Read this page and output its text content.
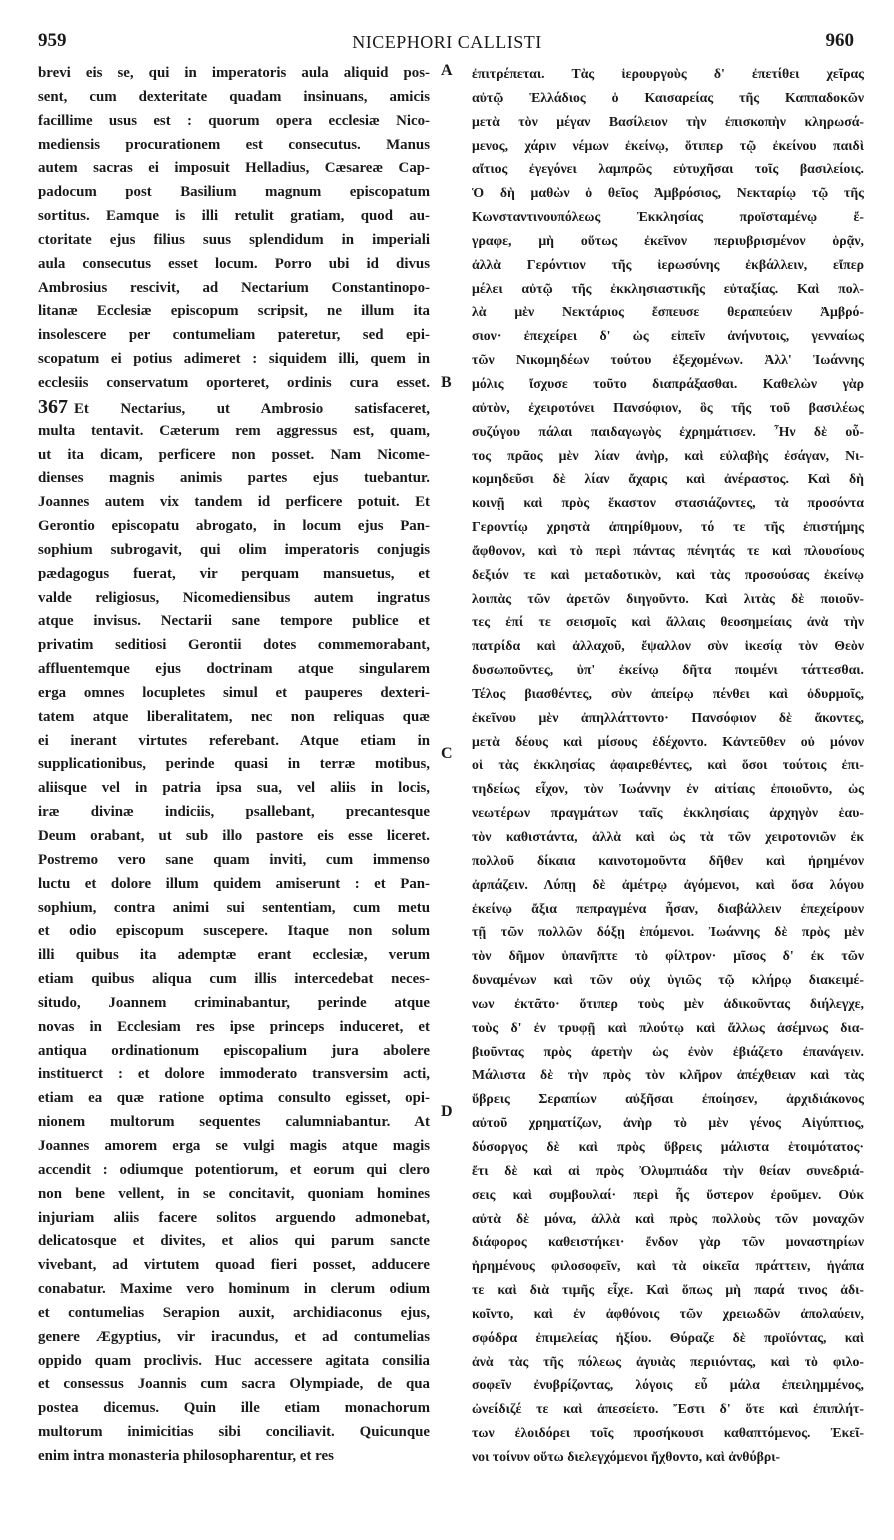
959	NICEPHORI CALLISTI	960
brevi eis se, qui in imperatoris aula aliquid pos-
sent, cum dexteritate quadam insinuans, amicis
facillime usus est : quorum opera ecclesiæ Nico-
mediensis procurationem est consecutus. Manus
autem sacras ei imposuit Helladius, Cæsareæ Cap-
padocum post Basilium magnum episcopatum
sortitus. Eamque is illi retulit gratiam, quod au-
ctoritate ejus filius suus splendidum in imperiali
aula consecutus esset locum. Porro ubi id divus
Ambrosius rescivit, ad Nectarium Constantinopo-
litanæ Ecclesiæ episcopum scripsit, ne illum ita
insolescere per contumeliam pateretur, sed epi-
scopatum ei potius adimeret : siquidem illi, quem in
ecclesiis conservatum oporteret, ordinis cura esset.
367 Et Nectarius, ut Ambrosio satisfaceret,
multa tentavit. Cæterum rem aggressus est, quam,
ut ita dicam, perficere non posset. Nam Nicome-
dienses magnis animis partes ejus tuebantur.
Joannes autem vix tandem id perficere potuit. Et
Gerontio episcopatu abrogato, in locum ejus Pan-
sophium subrogavit, qui olim imperatoris conjugis
pædagogus fuerat, vir perquam mansuetus, et
valde religiosus, Nicomediensibus autem ingratus
atque invisus. Nectarii sane tempore publice et
privatim seditiosi Gerontii dotes commemorabant,
affluentemque ejus doctrinam atque singularem
erga omnes locupletes simul et pauperes dexteri-
tatem atque liberalitatem, nec non reliquas quæ
ei inerant virtutes referebant. Atque etiam in
supplicationibus, perinde quasi in terræ motibus,
aliisque vel in patria ipsa sua, vel aliis in locis,
iræ divinæ indiciis, psallebant, precantesque
Deum orabant, ut sub illo pastore eis esse liceret.
Postremo vero sane quam inviti, cum immenso
luctu et dolore illum quidem amiserunt : et Pan-
sophium, contra animi sui sententiam, cum metu
et odio episcopum suscepere. Itaque non solum
illi quibus ita ademptæ erant ecclesiæ, verum
etiam quibus aliqua cum illis intercedebat neces-
situdo, Joannem criminabantur, perinde atque
novas in Ecclesiam res ipse princeps induceret, et
antiqua ordinationum episcopalium jura abolere
instituerct : et dolore immoderato transversim acti,
etiam ea quæ ratione optima consulto egisset, opi-
nionem multorum sequentes calumniabantur. At
Joannes amorem erga se vulgi magis atque magis
accendit : odiumque potentiorum, et eorum qui clero
non bene vellent, in se concitavit, quoniam homines
injuriam aliis facere solitos arguendo admonebat,
delicatosque et divites, et alios qui parum sancte
vivebant, ad virtutem quoad fieri posset, adducere
conabatur. Maxime vero hominum in clerum odium
et contumelias Serapion auxit, archidiaconus ejus,
genere Ægyptius, vir iracundus, et ad contumelias
oppido quam proclivis. Huc accessere agitata consilia
et consessus Joannis cum sacra Olympiade, de qua
postea dicemus. Quin ille etiam monachorum
multorum inimicitias sibi conciliavit. Quicunque
enim intra monasteria philosopharentur, et res
A
B
C
D
ἐπιτρέπεται. Τὰς ἱερουργοὺς δ' ἐπετίθει χεῖρας
αὐτῷ Ἑλλάδιος ὁ Καισαρείας τῆς Καππαδοκῶν
μετὰ τὸν μέγαν Βασίλειον τὴν ἐπισκοπὴν κληρωσά-
μενος, χάριν νέμων ἐκείνῳ, ὅτιπερ τῷ ἐκείνου παιδὶ
αἴτιος ἐγεγόνει λαμπρῶς εὐτυχῆσαι τοῖς βασιλείοις.
Ὁ δὴ μαθὼν ὁ θεῖος Ἀμβρόσιος, Νεκταρίῳ τῷ τῆς
Κωνσταντινουπόλεως Ἐκκλησίας προϊσταμένῳ ἔ-
γραφε, μὴ οὕτως ἐκεῖνον περιυβρισμένον ὁρᾷν,
ἀλλὰ Γερόντιον τῆς ἱερωσύνης ἐκβάλλειν, εἴπερ
μέλει αὐτῷ τῆς ἐκκλησιαστικῆς εὐταξίας. Καὶ πολ-
λὰ μὲν Νεκτάριος ἔσπευσε θεραπεύειν Ἀμβρό-
σιον· ἐπεχείρει δ' ὡς εἰπεῖν ἀνήνυτοις, γενναίως
τῶν Νικομηδέων τούτου ἐξεχομένων. Ἀλλ' Ἰωάννης
μόλις ἴσχυσε τοῦτο διαπράξασθαι. Καθελὼν γὰρ
αὐτὸν, ἐχειροτόνει Πανσόφιον, ὃς τῆς τοῦ βασιλέως
συζύγου πάλαι παιδαγωγὸς ἐχρημάτισεν. Ἦν δὲ οὗ-
τος πρᾶος μὲν λίαν ἀνὴρ, καὶ εὐλαβὴς ἐσάγαν, Νι-
κομηδεῦσι δὲ λίαν ἄχαρις καὶ ἀνέραστος. Καὶ δὴ
κοινῇ καὶ πρὸς ἕκαστον στασιάζοντες, τὰ προσόντα
Γεροντίῳ χρηστὰ ἀπηρίθμουν, τό τε τῆς ἐπιστήμης
ἄφθονον, καὶ τὸ περὶ πάντας πένητάς τε καὶ πλουσίους
δεξιόν τε καὶ μεταδοτικὸν, καὶ τὰς προσούσας ἐκείνῳ
λοιπὰς τῶν ἀρετῶν διηγοῦντο. Καὶ λιτὰς δὲ ποιοῦν-
τες ἐπί τε σεισμοῖς καὶ ἄλλαις θεοσημείαις ἀνὰ τὴν
πατρίδα καὶ ἀλλαχοῦ, ἔψαλλον σὺν ἱκεσίᾳ τὸν Θεὸν
δυσωποῦντες, ὑπ' ἐκείνῳ δῆτα ποιμένι τάττεσθαι.
Τέλος βιασθέντες, σὺν ἀπείρῳ πένθει καὶ ὀδυρμοῖς,
ἐκεῖνου μὲν ἀπηλλάττοντο· Πανσόφιον δὲ ἄκοντες,
μετὰ δέους καὶ μίσους ἐδέχοντο. Κἀντεῦθεν οὐ μόνον
οἱ τὰς ἐκκλησίας ἀφαιρεθέντες, καὶ ὅσοι τούτοις ἐπι-
τηδείως εἶχον, τὸν Ἰωάννην ἐν αἰτίαις ἐποιοῦντο, ὡς
νεωτέρων πραγμάτων ταῖς ἐκκλησίαις ἀρχηγὸν ἑαυ-
τὸν καθιστάντα, ἀλλὰ καὶ ὡς τὰ τῶν χειροτονιῶν ἐκ
πολλοῦ δίκαια καινοτομοῦντα δῆθεν καὶ ἠρημένον
ἀρπάζειν. Λύπῃ δὲ ἀμέτρῳ ἀγόμενοι, καὶ ὅσα λόγου
ἐκείνῳ ἄξια πεπραγμένα ἦσαν, διαβάλλειν ἐπεχείρουν
τῇ τῶν πολλῶν δόξῃ ἑπόμενοι. Ἰωάννης δὲ πρὸς μὲν
τὸν δῆμον ὑπανῆπτε τὸ φίλτρον· μῖσος δ' ἐκ τῶν
δυναμένων καὶ τῶν οὐχ ὑγιῶς τῷ κλήρῳ διακειμέ-
νων ἐκτᾶτο· ὅτιπερ τοὺς μὲν ἀδικοῦντας διήλεγχε,
τοὺς δ' ἐν τρυφῇ καὶ πλούτῳ καὶ ἄλλως ἀσέμνως δια-
βιοῦντας πρὸς ἀρετὴν ὡς ἐνὸν ἐβιάζετο ἐπανάγειν.
Μάλιστα δὲ τὴν πρὸς τὸν κλῆρον ἀπέχθειαν καὶ τὰς
ὕβρεις Σεραπίων αὐξῆσαι ἐποίησεν, ἀρχιδιάκονος
αὐτοῦ χρηματίζων, ἀνὴρ τὸ μὲν γένος Αἰγύπτιος,
δύσοργος δὲ καὶ πρὸς ὕβρεις μάλιστα ἑτοιμότατος·
ἔτι δὲ καὶ αἱ πρὸς Ὀλυμπιάδα τὴν θείαν συνεδριά-
σεις καὶ συμβουλαί· περὶ ἧς ὕστερον ἐροῦμεν. Οὐκ
αὐτὰ δὲ μόνα, ἀλλὰ καὶ πρὸς πολλοὺς τῶν μοναχῶν
διάφορος καθειστήκει· ἔνδον γὰρ τῶν μοναστηρίων
ἠρημένους φιλοσοφεῖν, καὶ τὰ οἰκεῖα πράττειν, ἠγάπα
τε καὶ διὰ τιμῆς εἶχε. Καὶ ὅπως μὴ παρά τινος ἀδι-
κοῖντο, καὶ ἐν ἀφθόνοις τῶν χρειωδῶν ἀπολαύειν,
σφόδρα ἐπιμελείας ἠξίου. Θύραζε δὲ προϊόντας, καὶ
ἀνὰ τὰς τῆς πόλεως ἀγυιὰς περιιόντας, καὶ τὸ φιλο-
σοφεῖν ἐνυβρίζοντας, λόγοις εὖ μάλα ἐπειλημμένος,
ὠνείδιζέ τε καὶ ἀπεσείετο. Ἔστι δ' ὅτε καὶ ἐπιπλήτ-
των ἐλοιδόρει τοῖς προσήκουσι καθαπτόμενος. Ἐκεῖ-
νοι τοίνυν οὕτω διελεγχόμενοι ἤχθοντο, καὶ ἀνθύβρι-
